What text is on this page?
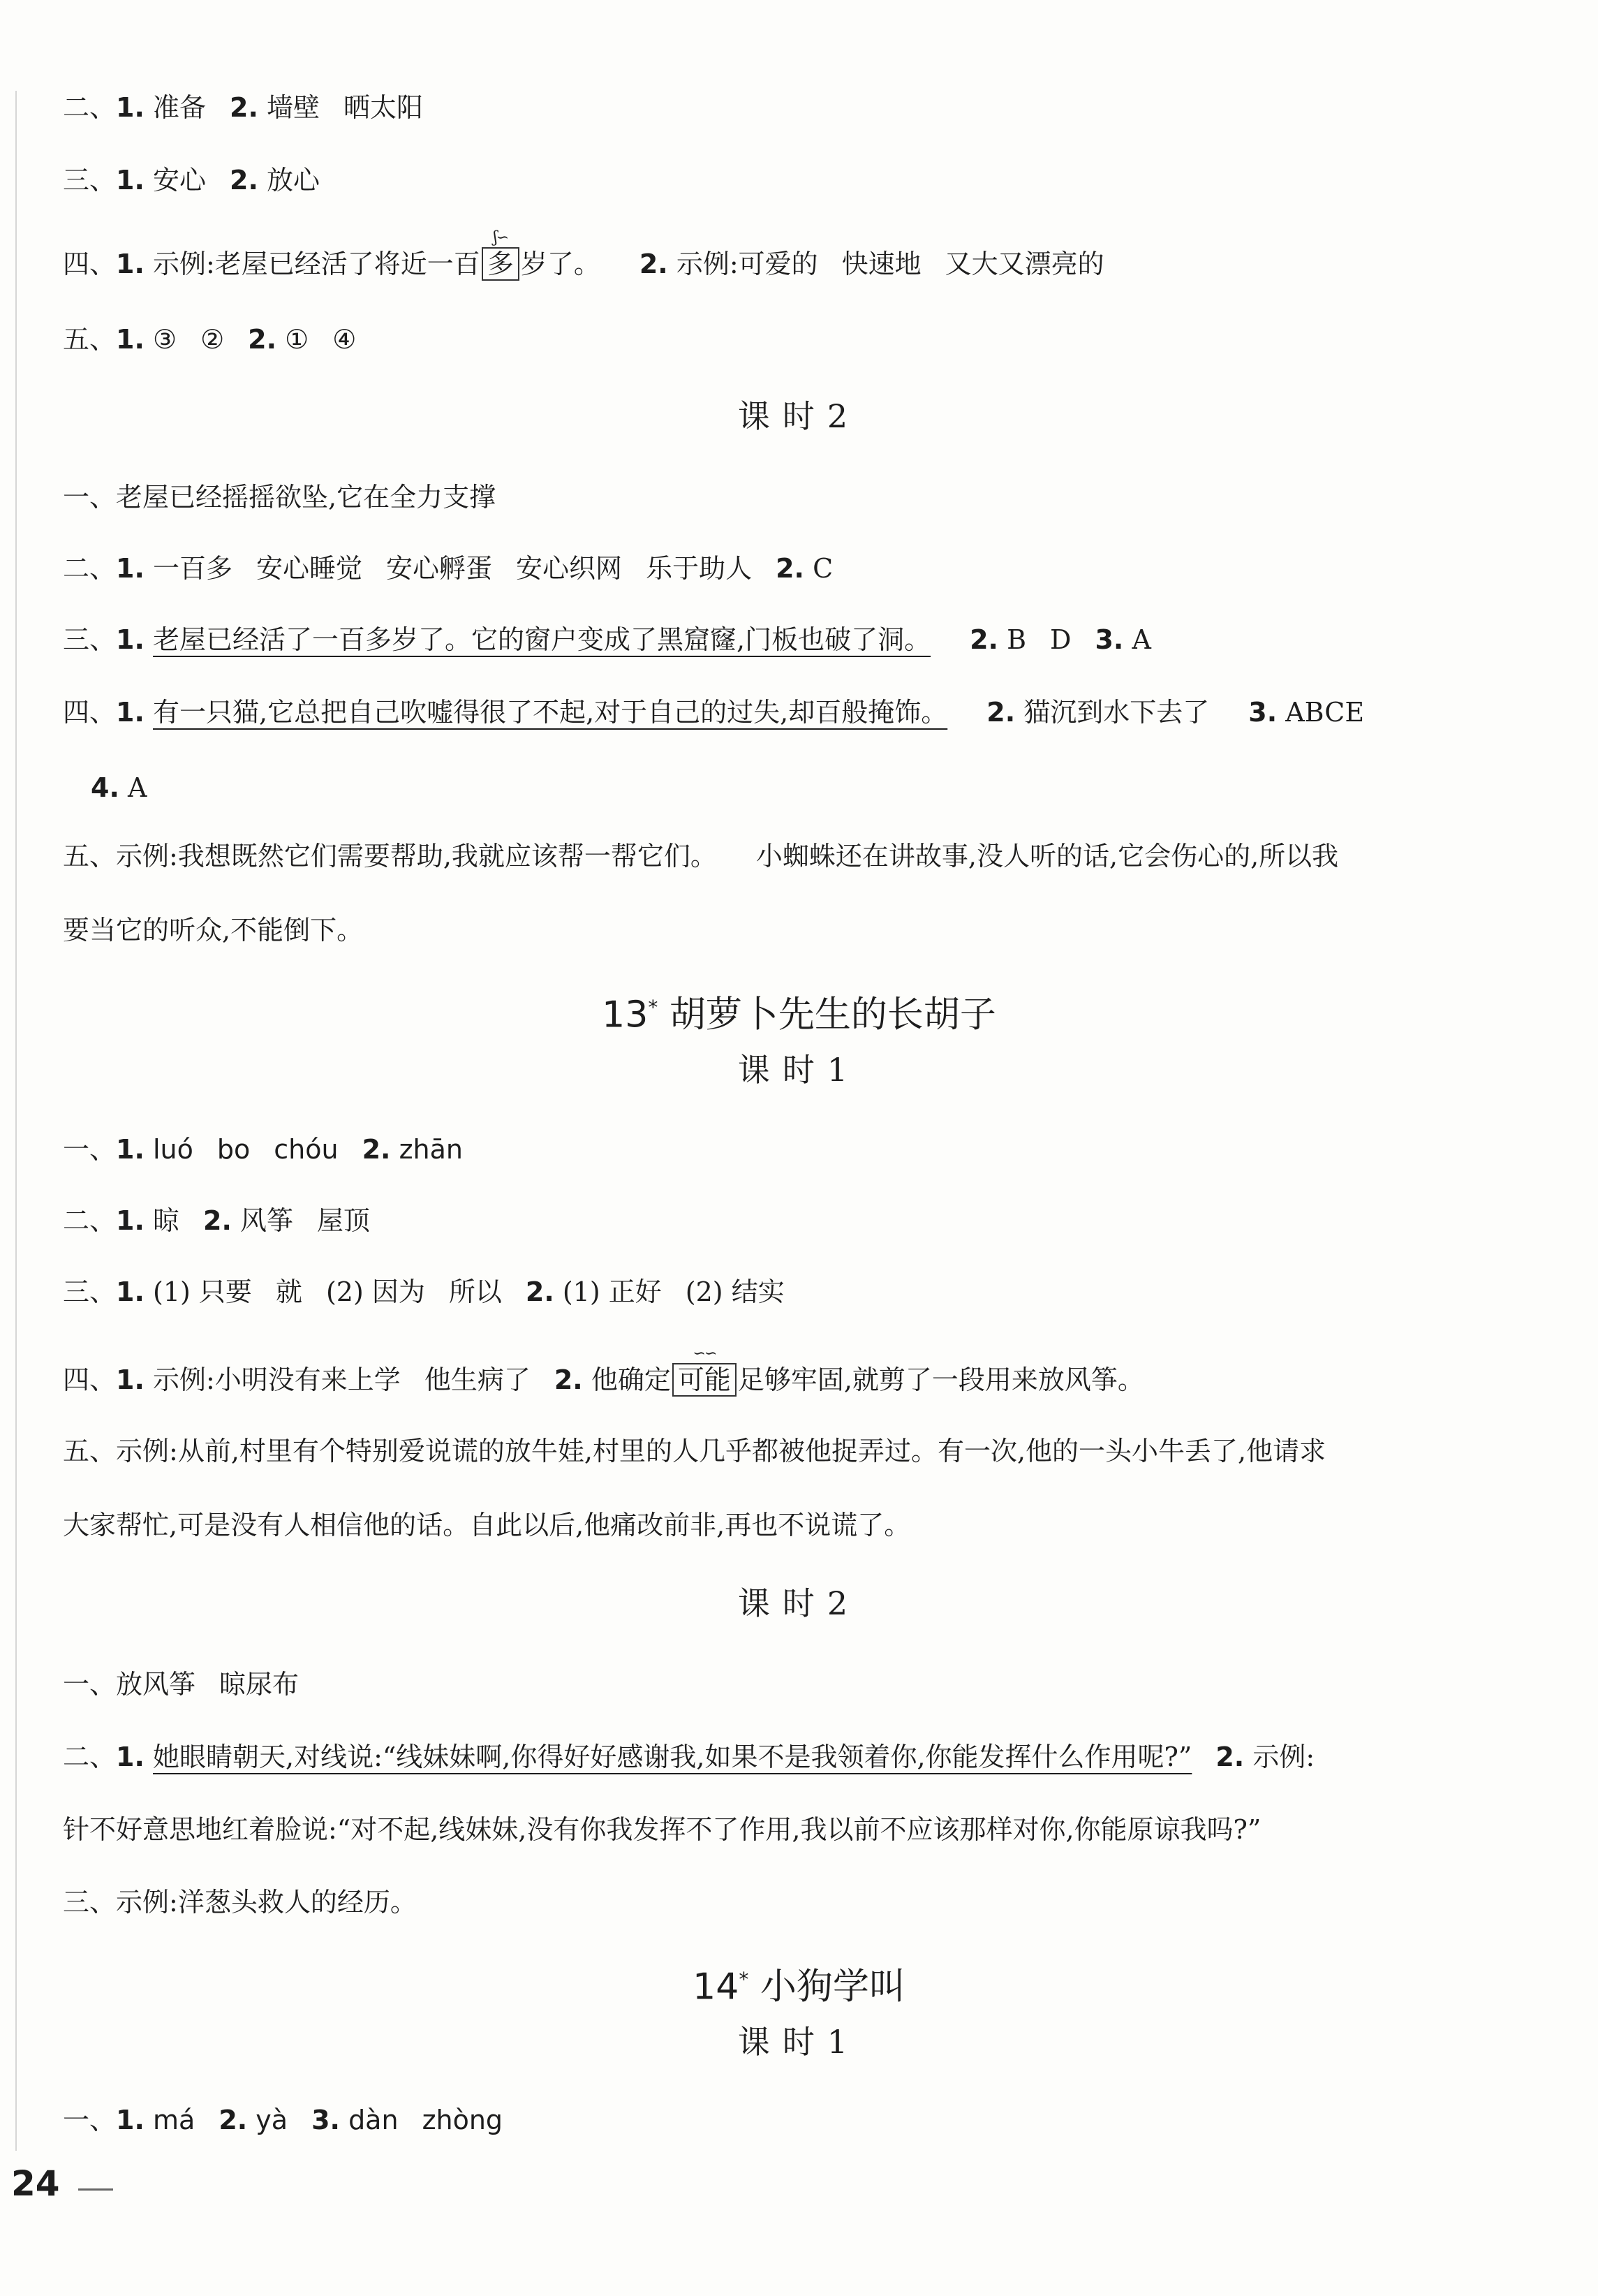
二、1. 准备 2. 墙壁 晒太阳
三、1. 安心 2. 放心
四、1. 示例:老屋已经活了将近一百
ʃ∽
多 岁了。 2. 示例:可爱的 快速地 又大又漂亮的
五、1. ③ ② 2. ① ④
课时2
一、老屋已经摇摇欲坠,它在全力支撑
二、1. 一百多 安心睡觉 安心孵蛋 安心织网 乐于助人 2. C
三、1. 老屋已经活了一百多岁了。它的窗户变成了黑窟窿,门板也破了洞。 2. B D 3. A
四、1. 有一只猫,它总把自己吹嘘得很了不起,对于自己的过失,却百般掩饰。 2. 猫沉到水下去了 3. ABCE
4. A
五、示例:我想既然它们需要帮助,我就应该帮一帮它们。 小蜘蛛还在讲故事,没人听的话,它会伤心的,所以我
要当它的听众,不能倒下。
13* 胡萝卜先生的长胡子
课时1
一、1. luó bo chóu 2. zhān
二、1. 晾 2. 风筝 屋顶
三、1. (1) 只要 就 (2) 因为 所以 2. (1) 正好 (2) 结实
四、1. 示例:小明没有来上学 他生病了 2. 他确定
∽∽
可能 足够牢固,就剪了一段用来放风筝。
五、示例:从前,村里有个特别爱说谎的放牛娃,村里的人几乎都被他捉弄过。有一次,他的一头小牛丢了,他请求
大家帮忙,可是没有人相信他的话。自此以后,他痛改前非,再也不说谎了。
课时2
一、放风筝 晾尿布
二、1. 她眼睛朝天,对线说:“线妹妹啊,你得好好感谢我,如果不是我领着你,你能发挥什么作用呢?” 2. 示例:
针不好意思地红着脸说:“对不起,线妹妹,没有你我发挥不了作用,我以前不应该那样对你,你能原谅我吗?”
三、示例:洋葱头救人的经历。
14* 小狗学叫
课时1
一、1. má 2. yà 3. dàn zhòng
24
